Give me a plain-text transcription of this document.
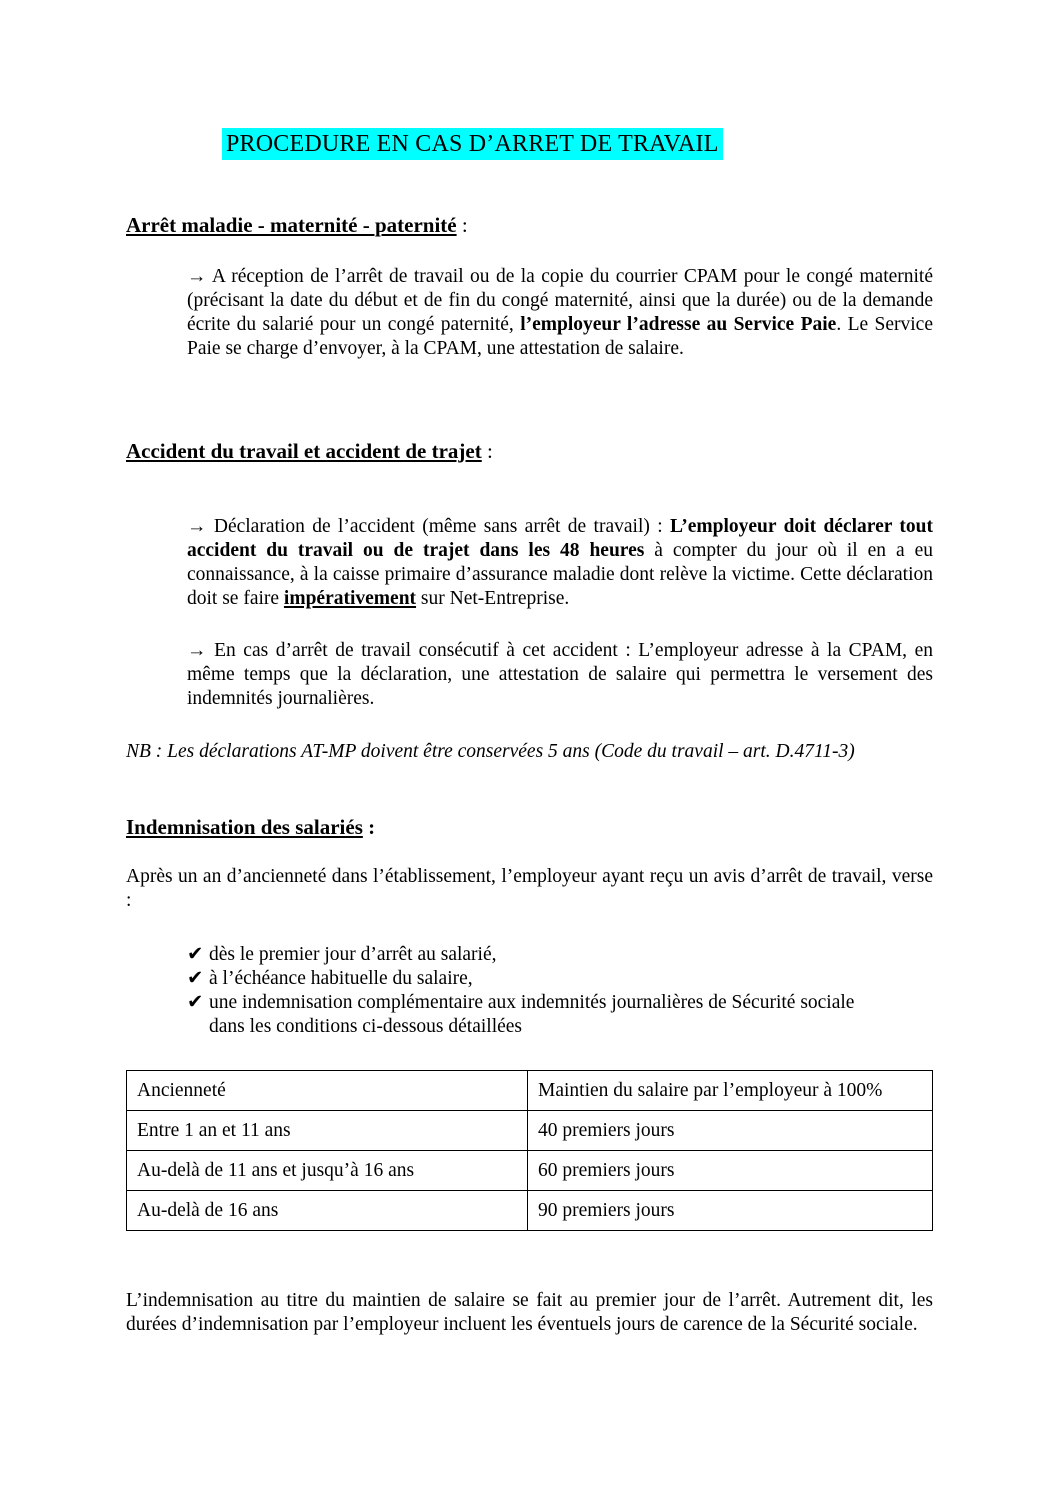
PROCEDURE EN CAS D’ARRET DE TRAVAIL
Arrêt maladie - maternité - paternité :
→ A réception de l’arrêt de travail ou de la copie du courrier CPAM pour le congé maternité (précisant la date du début et de fin du congé maternité, ainsi que la durée) ou de la demande écrite du salarié pour un congé paternité, l’employeur l’adresse au Service Paie. Le Service Paie se charge d’envoyer, à la CPAM, une attestation de salaire.
Accident du travail et accident de trajet :
→ Déclaration de l’accident (même sans arrêt de travail) : L’employeur doit déclarer tout accident du travail ou de trajet dans les 48 heures à compter du jour où il en a eu connaissance, à la caisse primaire d’assurance maladie dont relève la victime. Cette déclaration doit se faire impérativement sur Net-Entreprise.
→ En cas d’arrêt de travail consécutif à cet accident : L’employeur adresse à la CPAM, en même temps que la déclaration, une attestation de salaire qui permettra le versement des indemnités journalières.
NB : Les déclarations AT-MP doivent être conservées 5 ans (Code du travail – art. D.4711-3)
Indemnisation des salariés :
Après un an d’ancienneté dans l’établissement, l’employeur ayant reçu un avis d’arrêt de travail, verse :

✔ dès le premier jour d’arrêt au salarié,

✔ à l’échéance habituelle du salaire,

✔ une indemnisation complémentaire aux indemnités journalières de Sécurité sociale

dans les conditions ci-dessous détaillées

Ancienneté	Maintien du salaire par l’employeur à 100%
Entre 1 an et 11 ans	40 premiers jours
Au-delà de 11 ans et jusqu’à 16 ans	60 premiers jours
Au-delà de 16 ans	90 premiers jours
L’indemnisation au titre du maintien de salaire se fait au premier jour de l’arrêt. Autrement dit, les durées d’indemnisation par l’employeur incluent les éventuels jours de carence de la Sécurité sociale.
